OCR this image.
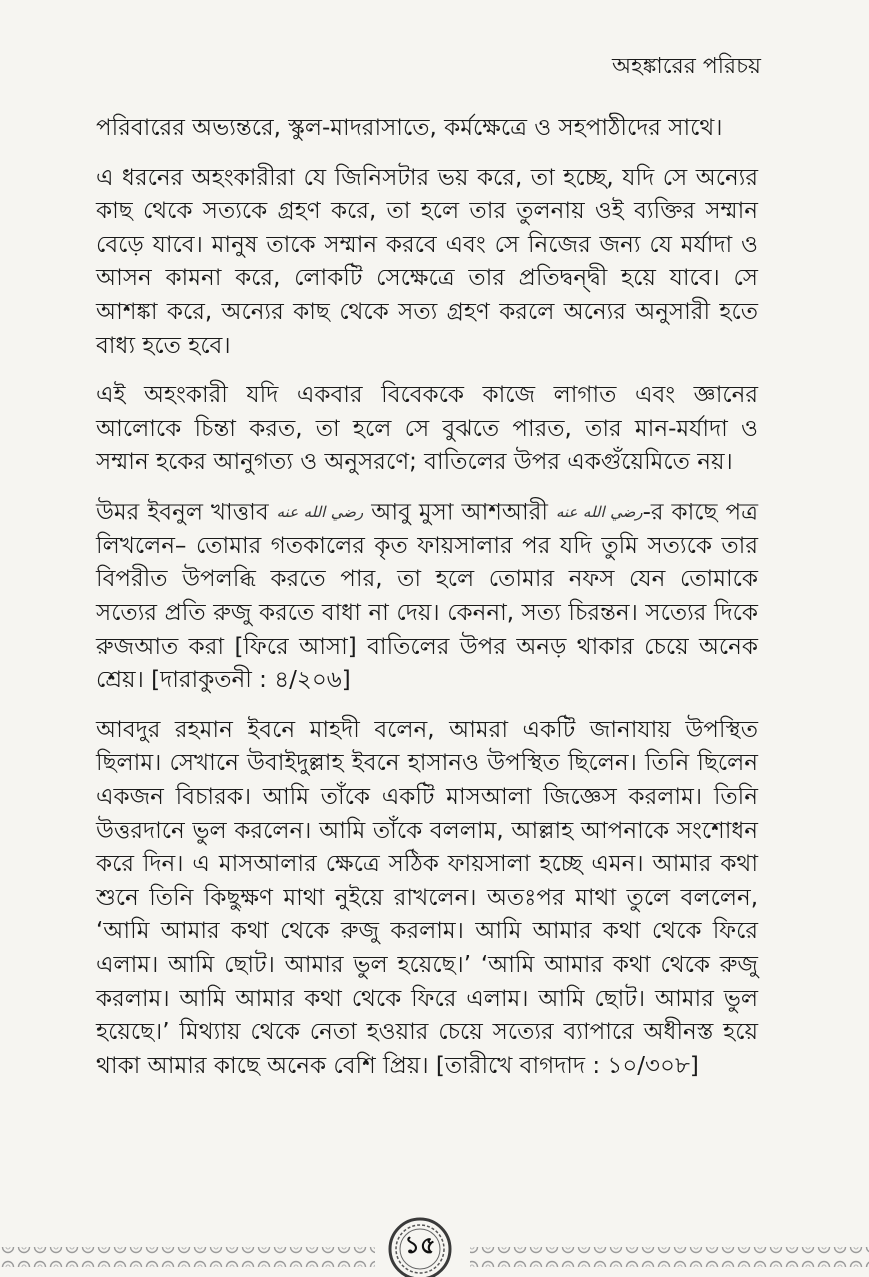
অহঙ্কারের পরিচয়

পরিবারের অভ্যন্তরে, স্কুল-মাদরাসাতে, কর্মক্ষেত্রে ও সহপাঠীদের সাথে।

এ ধরনের অহংকারীরা যে জিনিসটার ভয় করে, তা হচ্ছে, যদি সে অন্যের কাছ থেকে সত্যকে গ্রহণ করে, তা হলে তার তুলনায় ওই ব্যক্তির সম্মান বেড়ে যাবে। মানুষ তাকে সম্মান করবে এবং সে নিজের জন্য যে মর্যাদা ও আসন কামনা করে, লোকটি সেক্ষেত্রে তার প্রতিদ্বন্দ্বী হয়ে যাবে। সে আশঙ্কা করে, অন্যের কাছ থেকে সত্য গ্রহণ করলে অন্যের অনুসারী হতে বাধ্য হতে হবে।

এই অহংকারী যদি একবার বিবেককে কাজে লাগাত এবং জ্ঞানের আলোকে চিন্তা করত, তা হলে সে বুঝতে পারত, তার মান-মর্যাদা ও সম্মান হকের আনুগত্য ও অনুসরণে; বাতিলের উপর একগুঁয়েমিতে নয়।

উমর ইবনুল খাত্তাব رضي الله عنه আবু মুসা আশআরী رضي الله عنه-র কাছে পত্র লিখলেন– তোমার গতকালের কৃত ফায়সালার পর যদি তুমি সত্যকে তার বিপরীত উপলব্ধি করতে পার, তা হলে তোমার নফস যেন তোমাকে সত্যের প্রতি রুজু করতে বাধা না দেয়। কেননা, সত্য চিরন্তন। সত্যের দিকে রুজআত করা [ফিরে আসা] বাতিলের উপর অনড় থাকার চেয়ে অনেক শ্রেয়। [দারাকুতনী : ৪/২০৬]

আবদুর রহমান ইবনে মাহদী বলেন, আমরা একটি জানাযায় উপস্থিত ছিলাম। সেখানে উবাইদুল্লাহ ইবনে হাসানও উপস্থিত ছিলেন। তিনি ছিলেন একজন বিচারক। আমি তাঁকে একটি মাসআলা জিজ্ঞেস করলাম। তিনি উত্তরদানে ভুল করলেন। আমি তাঁকে বললাম, আল্লাহ আপনাকে সংশোধন করে দিন। এ মাসআলার ক্ষেত্রে সঠিক ফায়সালা হচ্ছে এমন। আমার কথা শুনে তিনি কিছুক্ষণ মাথা নুইয়ে রাখলেন। অতঃপর মাথা তুলে বললেন, ‘আমি আমার কথা থেকে রুজু করলাম। আমি আমার কথা থেকে ফিরে এলাম। আমি ছোট। আমার ভুল হয়েছে।’ ‘আমি আমার কথা থেকে রুজু করলাম। আমি আমার কথা থেকে ফিরে এলাম। আমি ছোট। আমার ভুল হয়েছে।’ মিথ্যায় থেকে নেতা হওয়ার চেয়ে সত্যের ব্যাপারে অধীনস্ত হয়ে থাকা আমার কাছে অনেক বেশি প্রিয়। [তারীখে বাগদাদ : ১০/৩০৮]

১৫
